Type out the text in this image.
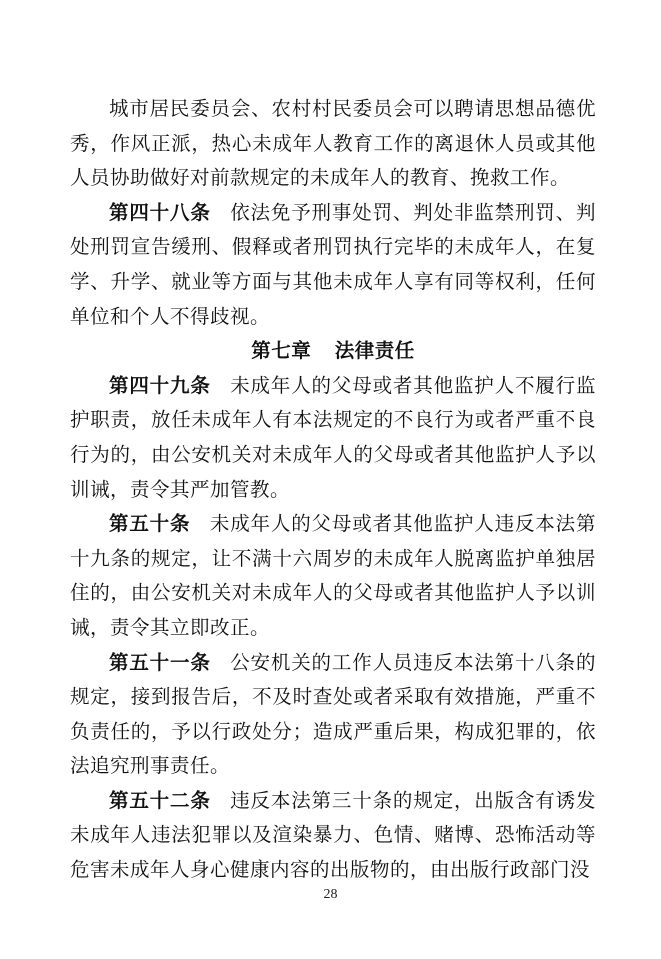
城市居民委员会、农村村民委员会可以聘请思想品德优秀，作风正派，热心未成年人教育工作的离退休人员或其他人员协助做好对前款规定的未成年人的教育、挽救工作。

第四十八条 依法免予刑事处罚、判处非监禁刑罚、判处刑罚宣告缓刑、假释或者刑罚执行完毕的未成年人，在复学、升学、就业等方面与其他未成年人享有同等权利，任何单位和个人不得歧视。

第七章 法律责任

第四十九条 未成年人的父母或者其他监护人不履行监护职责，放任未成年人有本法规定的不良行为或者严重不良行为的，由公安机关对未成年人的父母或者其他监护人予以训诫，责令其严加管教。

第五十条 未成年人的父母或者其他监护人违反本法第十九条的规定，让不满十六周岁的未成年人脱离监护单独居住的，由公安机关对未成年人的父母或者其他监护人予以训诫，责令其立即改正。

第五十一条 公安机关的工作人员违反本法第十八条的规定，接到报告后，不及时查处或者采取有效措施，严重不负责任的，予以行政处分；造成严重后果，构成犯罪的，依法追究刑事责任。

第五十二条 违反本法第三十条的规定，出版含有诱发未成年人违法犯罪以及渲染暴力、色情、赌博、恐怖活动等危害未成年人身心健康内容的出版物的，由出版行政部门没

28
